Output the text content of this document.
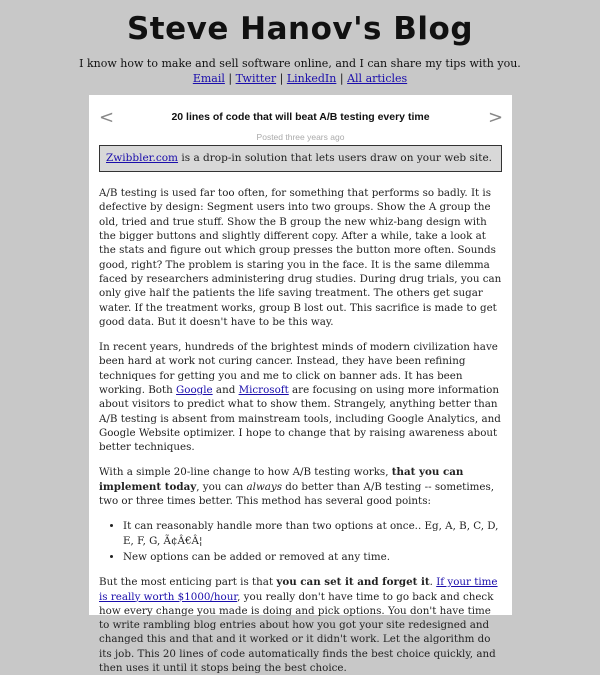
Steve Hanov's Blog
I know how to make and sell software online, and I can share my tips with you.
Email | Twitter | LinkedIn | All articles
<	20 lines of code that will beat A/B testing every time	>
Posted three years ago
Zwibbler.com is a drop-in solution that lets users draw on your web site.

A/B testing is used far too often, for something that performs so badly. It is defective by design: Segment users into two groups. Show the A group the old, tried and true stuff. Show the B group the new whiz-bang design with the bigger buttons and slightly different copy. After a while, take a look at the stats and figure out which group presses the button more often. Sounds good, right? The problem is staring you in the face. It is the same dilemma faced by researchers administering drug studies. During drug trials, you can only give half the patients the life saving treatment. The others get sugar water. If the treatment works, group B lost out. This sacrifice is made to get good data. But it doesn't have to be this way.

In recent years, hundreds of the brightest minds of modern civilization have been hard at work not curing cancer. Instead, they have been refining techniques for getting you and me to click on banner ads. It has been working. Both Google and Microsoft are focusing on using more information about visitors to predict what to show them. Strangely, anything better than A/B testing is absent from mainstream tools, including Google Analytics, and Google Website optimizer. I hope to change that by raising awareness about better techniques.

With a simple 20-line change to how A/B testing works, that you can implement today, you can always do better than A/B testing -- sometimes, two or three times better. This method has several good points:

• It can reasonably handle more than two options at once.. Eg, A, B, C, D, E, F, G, Ã¢Â€Â¦
• New options can be added or removed at any time.

But the most enticing part is that you can set it and forget it. If your time is really worth $1000/hour, you really don't have time to go back and check how every change you made is doing and pick options. You don't have time to write rambling blog entries about how you got your site redesigned and changed this and that and it worked or it didn't work. Let the algorithm do its job. This 20 lines of code automatically finds the best choice quickly, and then uses it until it stops being the best choice.
